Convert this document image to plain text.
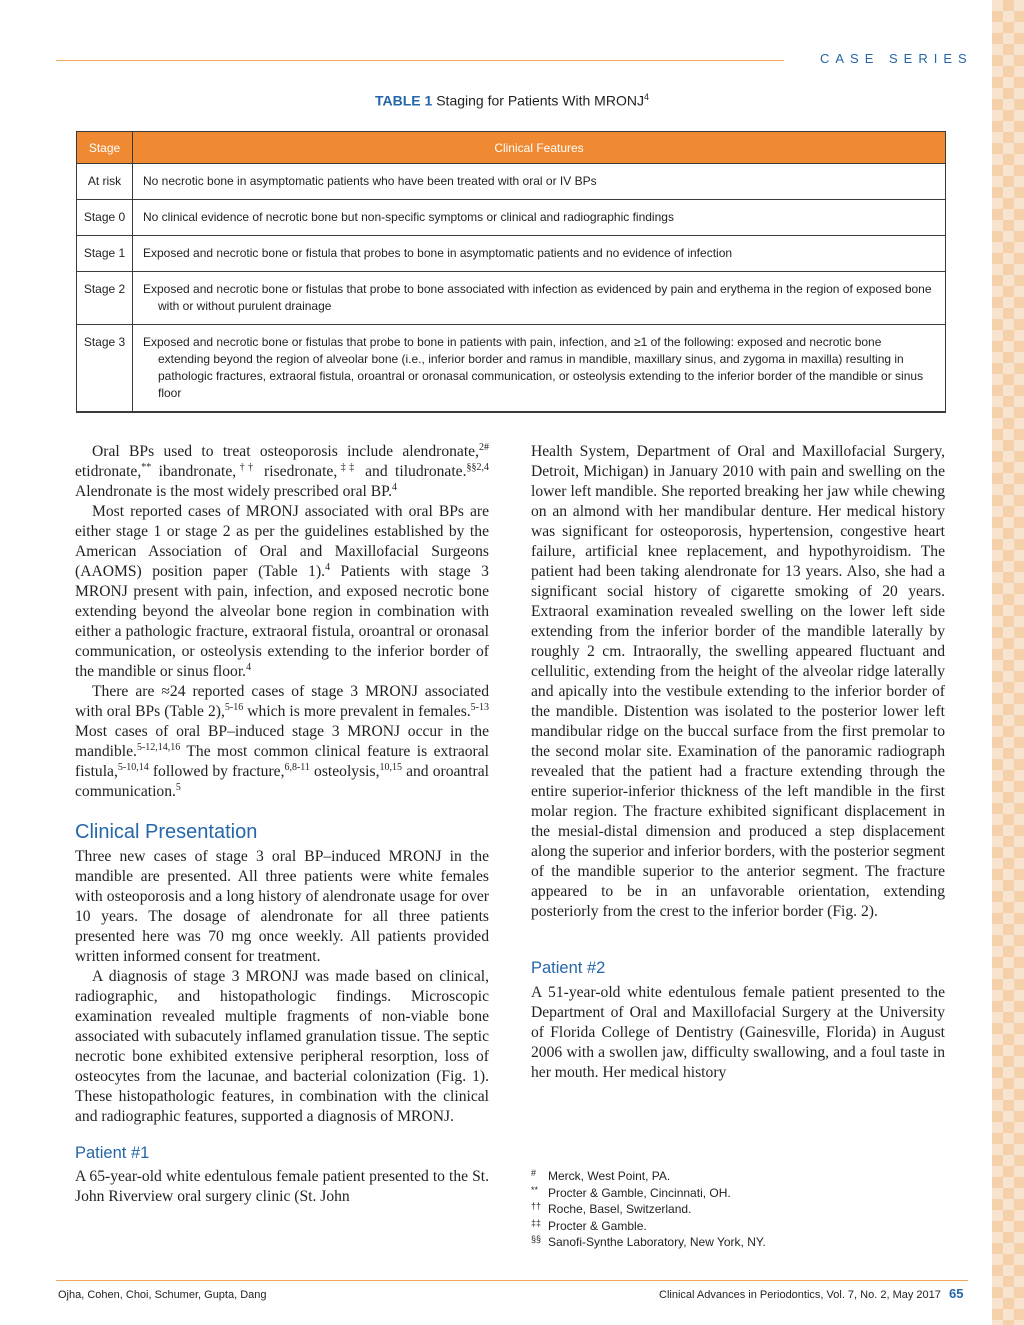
CASE SERIES
TABLE 1 Staging for Patients With MRONJ$^4$
Stage	Clinical Features
At risk	No necrotic bone in asymptomatic patients who have been treated with oral or IV BPs

Stage 0	No clinical evidence of necrotic bone but non-specific symptoms or clinical and radiographic findings

Stage 1	Exposed and necrotic bone or fistula that probes to bone in asymptomatic patients and no evidence of infection

Stage 2	Exposed and necrotic bone or fistulas that probe to bone associated with infection as evidenced by pain and erythema in the region of exposed bone
with or without purulent drainage

Stage 3	Exposed and necrotic bone or fistulas that probe to bone in patients with pain, infection, and ≥1 of the following: exposed and necrotic bone
extending beyond the region of alveolar bone (i.e., inferior border and ramus in mandible, maxillary sinus, and zygoma in maxilla) resulting in
pathologic fractures, extraoral fistula, oroantral or oronasal communication, or osteolysis extending to the inferior border of the mandible or sinus
floor

Oral BPs used to treat osteoporosis include alendronate,$^{2\#}$ etidronate,** ibandronate,†† risedronate,‡‡ and tiludronate.$^{\S\S 2,4}$ Alendronate is the most widely prescribed oral BP.$^4$

Most reported cases of MRONJ associated with oral BPs are either stage 1 or stage 2 as per the guidelines established by the American Association of Oral and Maxillofacial Surgeons (AAOMS) position paper (Table 1).$^4$ Patients with stage 3 MRONJ present with pain, infection, and exposed necrotic bone extending beyond the alveolar bone region in combination with either a pathologic fracture, extraoral fistula, oroantral or oronasal communication, or osteolysis extending to the inferior border of the mandible or sinus floor.$^4$

There are ≈24 reported cases of stage 3 MRONJ associated with oral BPs (Table 2),$^{5-16}$ which is more prevalent in females.$^{5-13}$ Most cases of oral BP–induced stage 3 MRONJ occur in the mandible.$^{5-12,14,16}$ The most common clinical feature is extraoral fistula,$^{5-10,14}$ followed by fracture,$^{6,8-11}$ osteolysis,$^{10,15}$ and oroantral communication.$^5$

Clinical Presentation

Three new cases of stage 3 oral BP–induced MRONJ in the mandible are presented. All three patients were white females with osteoporosis and a long history of alendronate usage for over 10 years. The dosage of alendronate for all three patients presented here was 70 mg once weekly. All patients provided written informed consent for treatment.

A diagnosis of stage 3 MRONJ was made based on clinical, radiographic, and histopathologic findings. Microscopic examination revealed multiple fragments of non-viable bone associated with subacutely inflamed granulation tissue. The septic necrotic bone exhibited extensive peripheral resorption, loss of osteocytes from the lacunae, and bacterial colonization (Fig. 1). These histopathologic features, in combination with the clinical and radiographic features, supported a diagnosis of MRONJ.

Patient #1

A 65-year-old white edentulous female patient presented to the St. John Riverview oral surgery clinic (St. John

Health System, Department of Oral and Maxillofacial Surgery, Detroit, Michigan) in January 2010 with pain and swelling on the lower left mandible. She reported breaking her jaw while chewing on an almond with her mandibular denture. Her medical history was significant for osteoporosis, hypertension, congestive heart failure, artificial knee replacement, and hypothyroidism. The patient had been taking alendronate for 13 years. Also, she had a significant social history of cigarette smoking of 20 years. Extraoral examination revealed swelling on the lower left side extending from the inferior border of the mandible laterally by roughly 2 cm. Intraorally, the swelling appeared fluctuant and cellulitic, extending from the height of the alveolar ridge laterally and apically into the vestibule extending to the inferior border of the mandible. Distention was isolated to the posterior lower left mandibular ridge on the buccal surface from the first premolar to the second molar site. Examination of the panoramic radiograph revealed that the patient had a fracture extending through the entire superior-inferior thickness of the left mandible in the first molar region. The fracture exhibited significant displacement in the mesial-distal dimension and produced a step displacement along the superior and inferior borders, with the posterior segment of the mandible superior to the anterior segment. The fracture appeared to be in an unfavorable orientation, extending posteriorly from the crest to the inferior border (Fig. 2).

Patient #2

A 51-year-old white edentulous female patient presented to the Department of Oral and Maxillofacial Surgery at the University of Florida College of Dentistry (Gainesville, Florida) in August 2006 with a swollen jaw, difficulty swallowing, and a foul taste in her mouth. Her medical history

# Merck, West Point, PA.
** Procter & Gamble, Cincinnati, OH.
†† Roche, Basel, Switzerland.
‡‡ Procter & Gamble.
§§ Sanofi-Synthe Laboratory, New York, NY.
Ojha, Cohen, Choi, Schumer, Gupta, Dang	Clinical Advances in Periodontics, Vol. 7, No. 2, May 2017 65
